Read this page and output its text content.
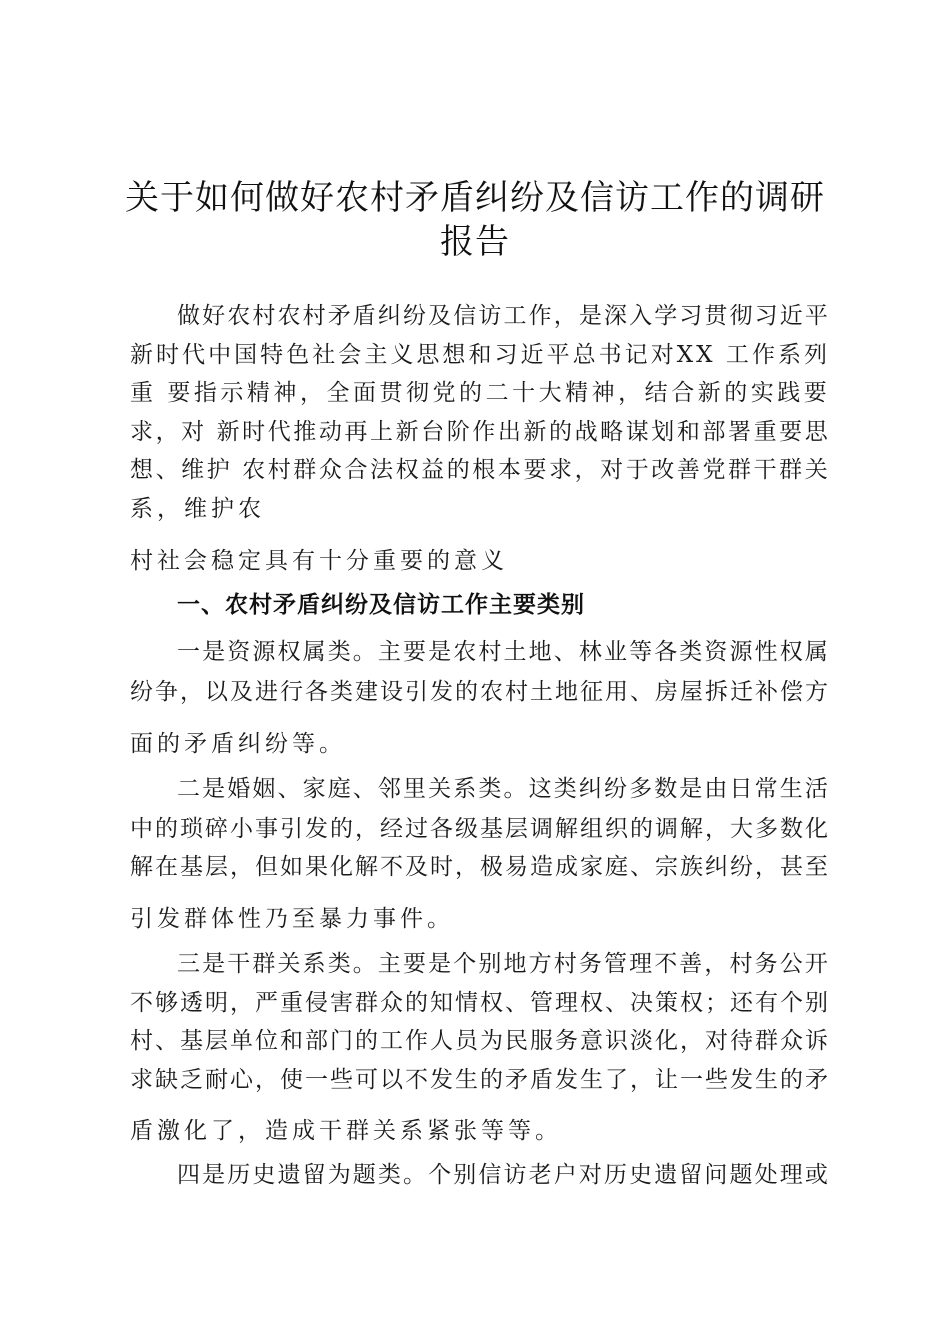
关于如何做好农村矛盾纠纷及信访工作的调研
报告
做好农村农村矛盾纠纷及信访工作，是深入学习贯彻习近平
新时代中国特色社会主义思想和习近平总书记对XX 工作系列
重 要指示精神，全面贯彻党的二十大精神，结合新的实践要
求，对 新时代推动再上新台阶作出新的战略谋划和部署重要思
想、维护 农村群众合法权益的根本要求，对于改善党群干群关
系，维护农
村社会稳定具有十分重要的意义
一、农村矛盾纠纷及信访工作主要类别
一是资源权属类。主要是农村土地、林业等各类资源性权属
纷争，以及进行各类建设引发的农村土地征用、房屋拆迁补偿方
面的矛盾纠纷等。
二是婚姻、家庭、邻里关系类。这类纠纷多数是由日常生活
中的琐碎小事引发的，经过各级基层调解组织的调解，大多数化
解在基层，但如果化解不及时，极易造成家庭、宗族纠纷，甚至
引发群体性乃至暴力事件。
三是干群关系类。主要是个别地方村务管理不善，村务公开
不够透明，严重侵害群众的知情权、管理权、决策权；还有个别
村、基层单位和部门的工作人员为民服务意识淡化，对待群众诉
求缺乏耐心，使一些可以不发生的矛盾发生了，让一些发生的矛
盾激化了，造成干群关系紧张等等。
四是历史遗留为题类。个别信访老户对历史遗留问题处理或
